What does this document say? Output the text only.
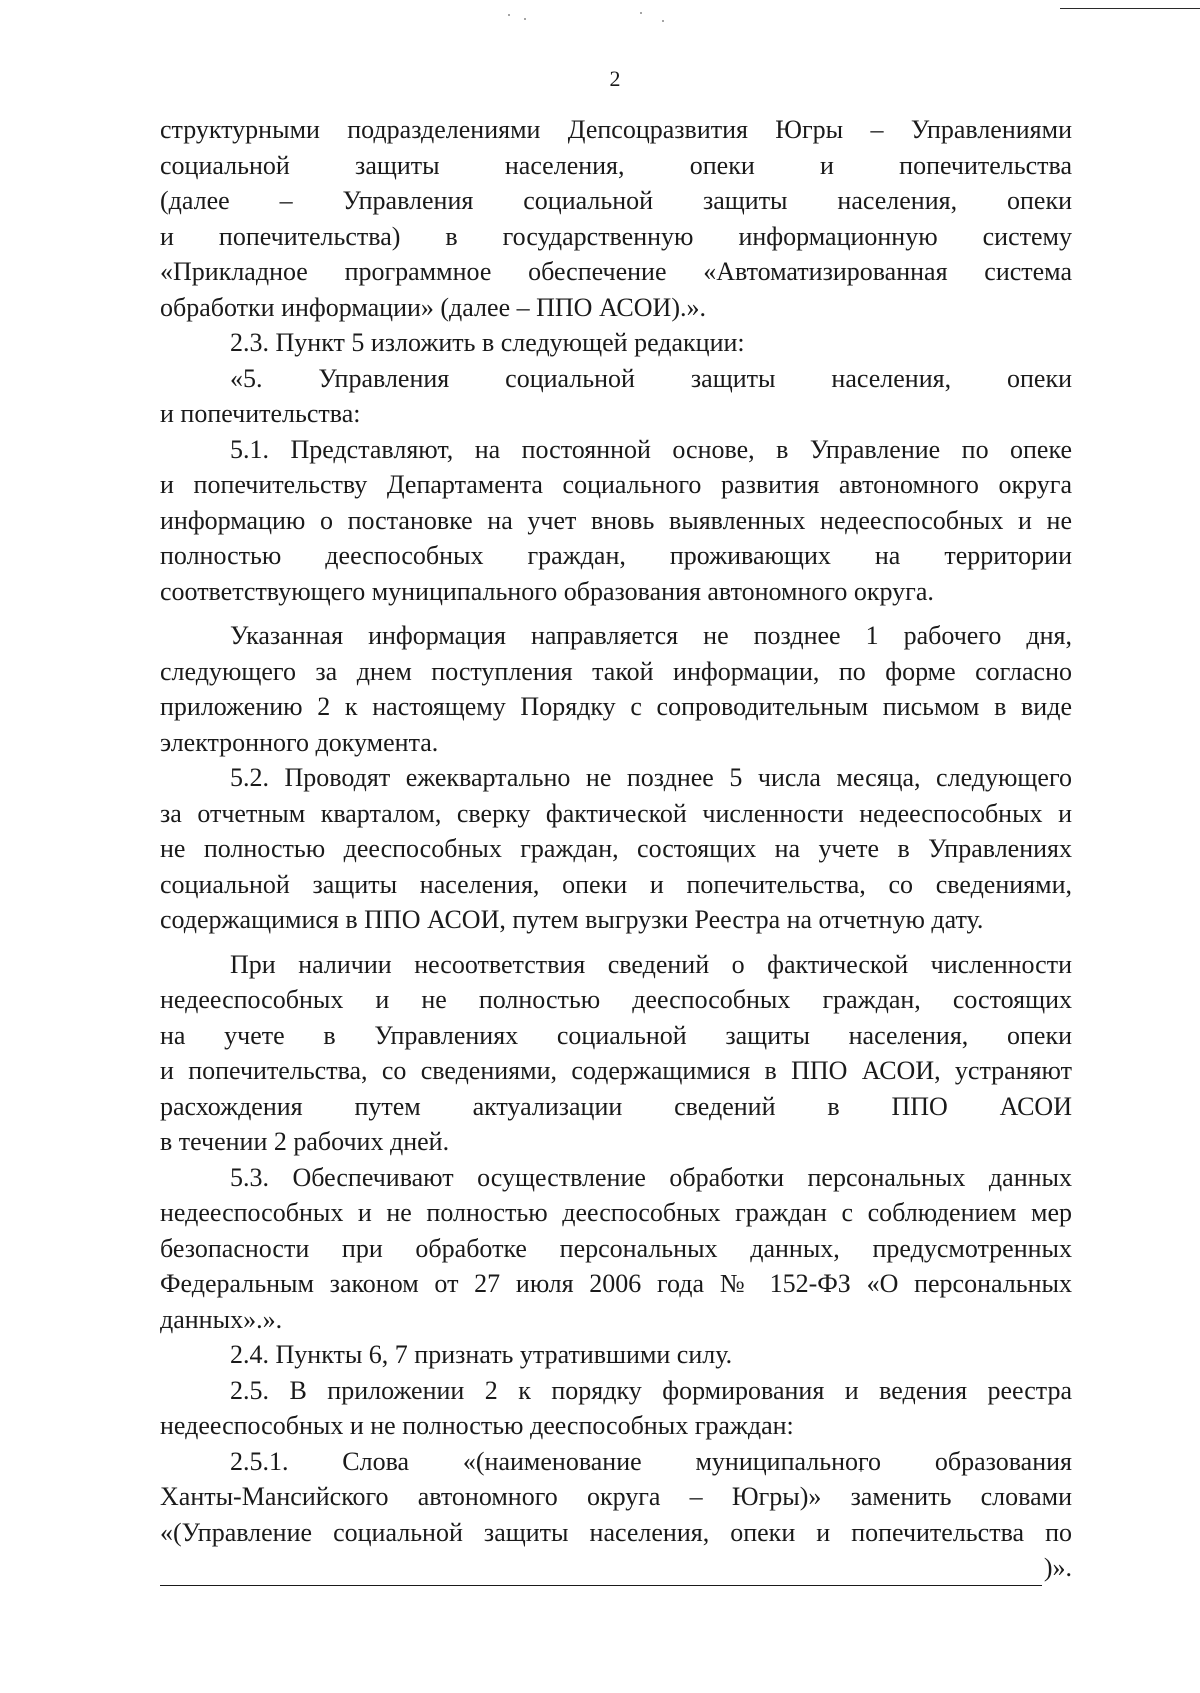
2

структурными подразделениями Депсоцразвития Югры – Управлениями

социальной защиты населения, опеки и попечительства

(далее – Управления социальной защиты населения, опеки

и попечительства) в государственную информационную систему

«Прикладное программное обеспечение «Автоматизированная система

обработки информации» (далее – ППО АСОИ).».

2.3. Пункт 5 изложить в следующей редакции:

«5. Управления социальной защиты населения, опеки

и попечительства:

5.1. Представляют, на постоянной основе, в Управление по опеке

и попечительству Департамента социального развития автономного округа

информацию о постановке на учет вновь выявленных недееспособных и не

полностью дееспособных граждан, проживающих на территории

соответствующего муниципального образования автономного округа.

Указанная информация направляется не позднее 1 рабочего дня,

следующего за днем поступления такой информации, по форме согласно

приложению 2 к настоящему Порядку с сопроводительным письмом в виде

электронного документа.

5.2. Проводят ежеквартально не позднее 5 числа месяца, следующего

за отчетным кварталом, сверку фактической численности недееспособных и

не полностью дееспособных граждан, состоящих на учете в Управлениях

социальной защиты населения, опеки и попечительства, со сведениями,

содержащимися в ППО АСОИ, путем выгрузки Реестра на отчетную дату.

При наличии несоответствия сведений о фактической численности

недееспособных и не полностью дееспособных граждан, состоящих

на учете в Управлениях социальной защиты населения, опеки

и попечительства, со сведениями, содержащимися в ППО АСОИ, устраняют

расхождения путем актуализации сведений в ППО АСОИ

в течении 2 рабочих дней.

5.3. Обеспечивают осуществление обработки персональных данных

недееспособных и не полностью дееспособных граждан с соблюдением мер

безопасности при обработке персональных данных, предусмотренных

Федеральным законом от 27 июля 2006 года № 152-ФЗ «О персональных

данных».».

2.4. Пункты 6, 7 признать утратившими силу.

2.5. В приложении 2 к порядку формирования и ведения реестра

недееспособных и не полностью дееспособных граждан:

2.5.1. Слова «(наименование муниципального образования

Ханты-Мансийского автономного округа – Югры)» заменить словами

«(Управление социальной защиты населения, опеки и попечительства по

)».
